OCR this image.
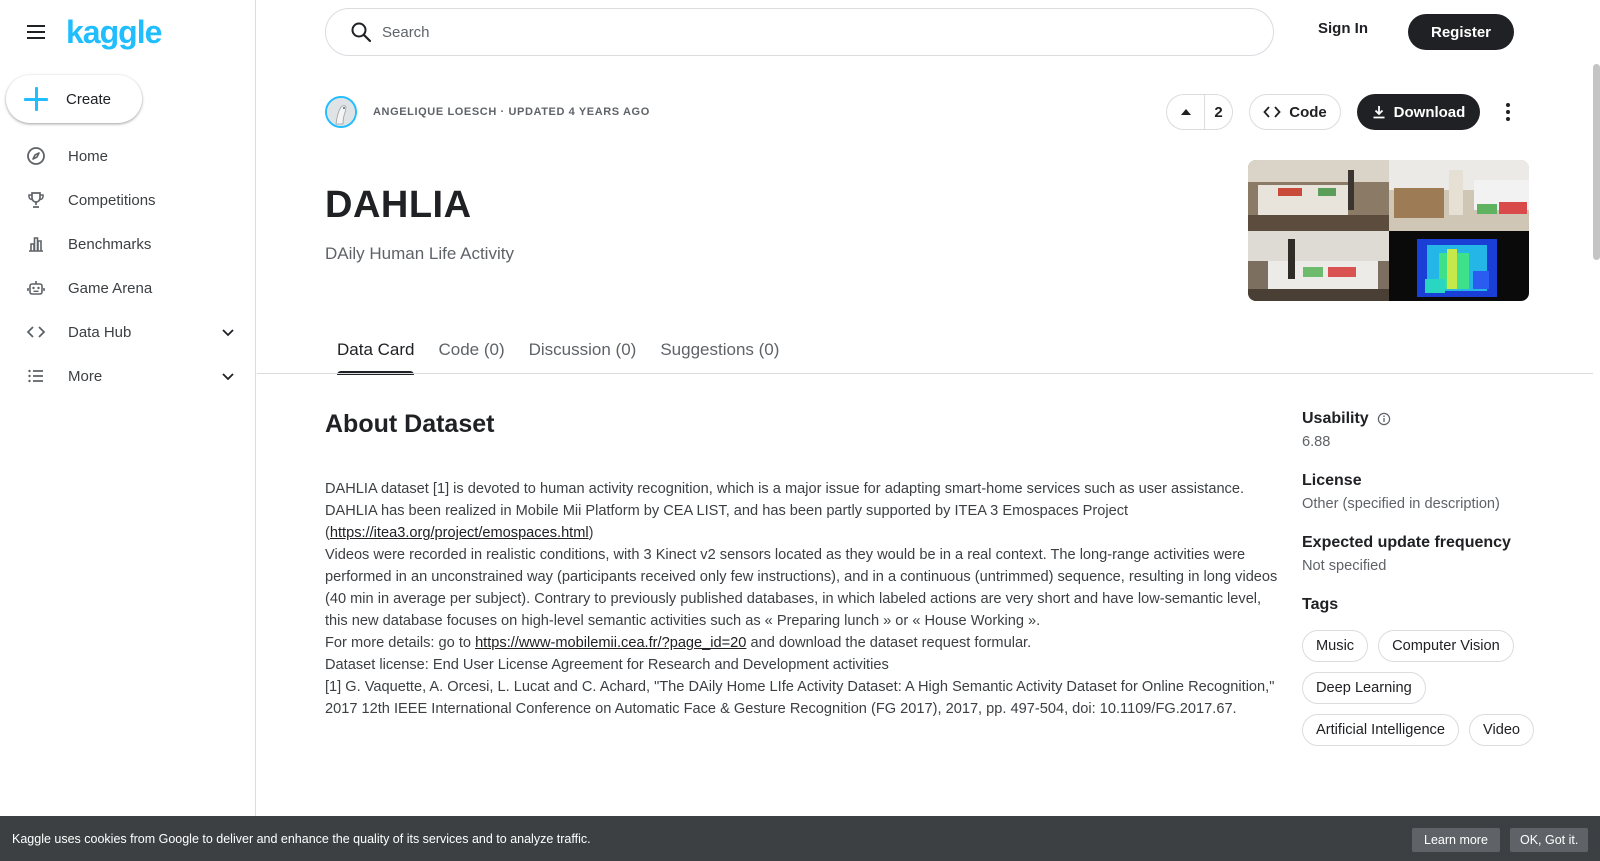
kaggle
Create
Home
Competitions
Benchmarks
Game Arena
Data Hub
More
Search
Sign In	Register
ANGELIQUE LOESCH · UPDATED 4 YEARS AGO	2	Code	Download
DAHLIA
DAily Human Life Activity
Data Card	Code (0)	Discussion (0)	Suggestions (0)
About Dataset

DAHLIA dataset [1] is devoted to human activity recognition, which is a major issue for adapting smart-home services such as user assistance.

DAHLIA has been realized in Mobile Mii Platform by CEA LIST, and has been partly supported by ITEA 3 Emospaces Project (https://itea3.org/project/emospaces.html)

Videos were recorded in realistic conditions, with 3 Kinect v2 sensors located as they would be in a real context. The long-range activities were performed in an unconstrained way (participants received only few instructions), and in a continuous (untrimmed) sequence, resulting in long videos (40 min in average per subject). Contrary to previously published databases, in which labeled actions are very short and have low-semantic level, this new database focuses on high-level semantic activities such as « Preparing lunch » or « House Working ».

For more details: go to https://www-mobilemii.cea.fr/?page_id=20 and download the dataset request formular.

Dataset license: End User License Agreement for Research and Development activities

[1] G. Vaquette, A. Orcesi, L. Lucat and C. Achard, "The DAily Home LIfe Activity Dataset: A High Semantic Activity Dataset for Online Recognition," 2017 12th IEEE International Conference on Automatic Face & Gesture Recognition (FG 2017), 2017, pp. 497-504, doi: 10.1109/FG.2017.67.

Usability
6.88
License
Other (specified in description)
Expected update frequency
Not specified
Tags
Music	Computer Vision
Deep Learning
Artificial Intelligence	Video
Kaggle uses cookies from Google to deliver and enhance the quality of its services and to analyze traffic.	Learn more	OK, Got it.
